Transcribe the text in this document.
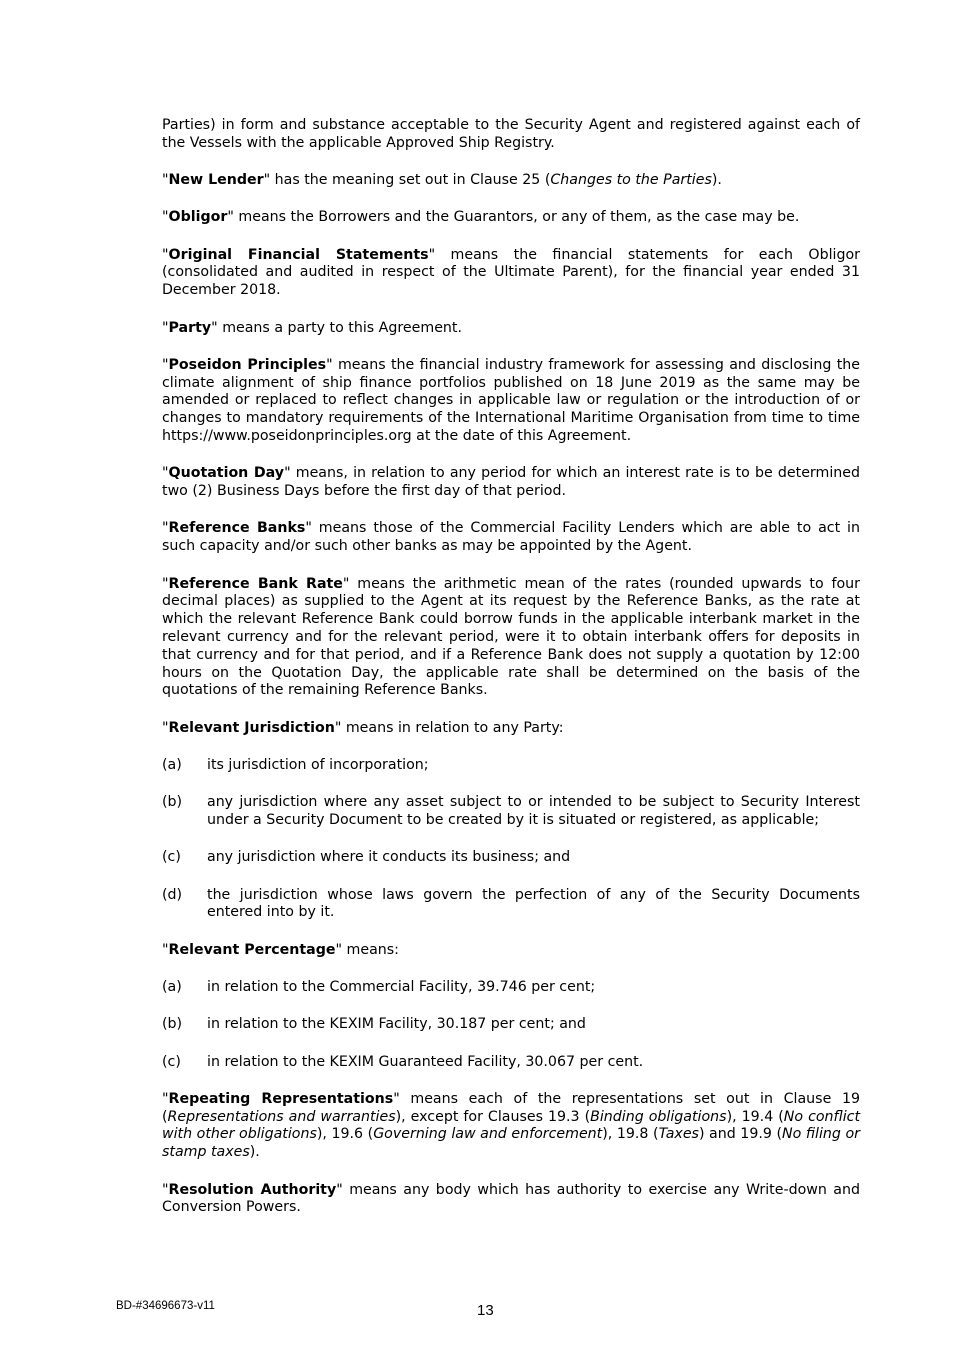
Parties) in form and substance acceptable to the Security Agent and registered against each of the Vessels with the applicable Approved Ship Registry.

"New Lender" has the meaning set out in Clause 25 (Changes to the Parties).

"Obligor" means the Borrowers and the Guarantors, or any of them, as the case may be.

"Original Financial Statements" means the financial statements for each Obligor (consolidated and audited in respect of the Ultimate Parent), for the financial year ended 31 December 2018.

"Party" means a party to this Agreement.

"Poseidon Principles" means the financial industry framework for assessing and disclosing the climate alignment of ship finance portfolios published on 18 June 2019 as the same may be amended or replaced to reflect changes in applicable law or regulation or the introduction of or changes to mandatory requirements of the International Maritime Organisation from time to time https://www.poseidonprinciples.org at the date of this Agreement.

"Quotation Day" means, in relation to any period for which an interest rate is to be determined two (2) Business Days before the first day of that period.

"Reference Banks" means those of the Commercial Facility Lenders which are able to act in such capacity and/or such other banks as may be appointed by the Agent.

"Reference Bank Rate" means the arithmetic mean of the rates (rounded upwards to four decimal places) as supplied to the Agent at its request by the Reference Banks, as the rate at which the relevant Reference Bank could borrow funds in the applicable interbank market in the relevant currency and for the relevant period, were it to obtain interbank offers for deposits in that currency and for that period, and if a Reference Bank does not supply a quotation by 12:00 hours on the Quotation Day, the applicable rate shall be determined on the basis of the quotations of the remaining Reference Banks.

"Relevant Jurisdiction" means in relation to any Party:

(a)	its jurisdiction of incorporation;
(b)	any jurisdiction where any asset subject to or intended to be subject to Security Interest under a Security Document to be created by it is situated or registered, as applicable;
(c)	any jurisdiction where it conducts its business; and
(d)	the jurisdiction whose laws govern the perfection of any of the Security Documents entered into by it.

"Relevant Percentage" means:

(a)	in relation to the Commercial Facility, 39.746 per cent;
(b)	in relation to the KEXIM Facility, 30.187 per cent; and
(c)	in relation to the KEXIM Guaranteed Facility, 30.067 per cent.

"Repeating Representations" means each of the representations set out in Clause 19 (Representations and warranties), except for Clauses 19.3 (Binding obligations), 19.4 (No conflict with other obligations), 19.6 (Governing law and enforcement), 19.8 (Taxes) and 19.9 (No filing or stamp taxes).

"Resolution Authority" means any body which has authority to exercise any Write-down and Conversion Powers.

BD-#34696673-v11	13
